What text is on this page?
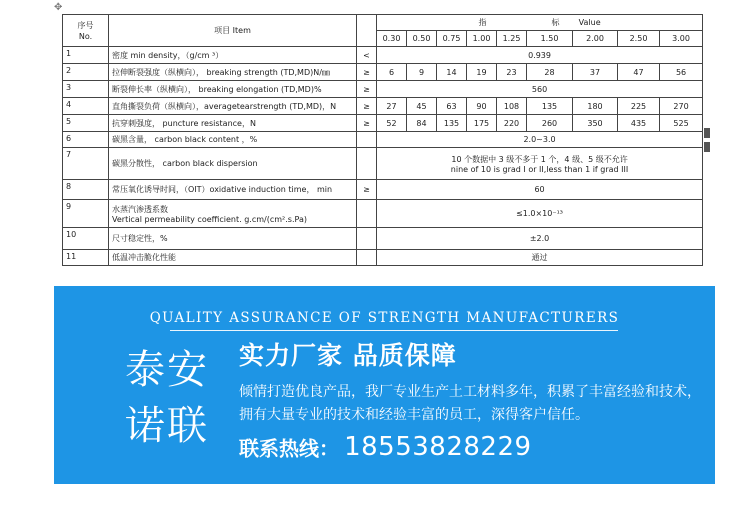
✥
序号
No.	项目 Item		指 标 Value								
			0.30	0.50	0.75	1.00	1.25	1.50	2.00	2.50	3.00
1	密度 min density，（g/cm ³）	<	0.939								

2	拉伸断裂强度（纵横向）， breaking strength (TD,MD)N/㎜	≥	6	9	14	19	23	28	37	47	56
3	断裂伸长率（纵横向）， breaking elongation (TD,MD)%	≥	560								

4	直角撕裂负荷（纵横向），averagetearstrength (TD,MD)，N	≥	27	45	63	90	108	135	180	225	270
5	抗穿刺强度， puncture resistance，N	≥	52	84	135	175	220	260	350	435	525
6	碳黑含量， carbon black content ，%		2.0~3.0								

7	碳黑分散性， carbon black dispersion		10 个数据中 3 级不多于 1 个，4 级、5 级不允许
nine of 10 is grad I or II,less than 1 if grad III								

8	常压氧化诱导时间，（OIT）oxidative induction time， min	≥	60								

9	水蒸汽渗透系数
Vertical permeability coefficient. g.cm/(cm².s.Pa)		≤1.0×10⁻¹³								

10	尺寸稳定性，%		±2.0								

11	低温冲击脆化性能		通过								
QUALITY ASSURANCE OF STRENGTH MANUFACTURERS
泰安
诺联
实力厂家 品质保障
倾情打造优良产品，我厂专业生产土工材料多年，积累了丰富经验和技术，拥有大量专业的技术和经验丰富的员工，深得客户信任。
联系热线： 18553828229
